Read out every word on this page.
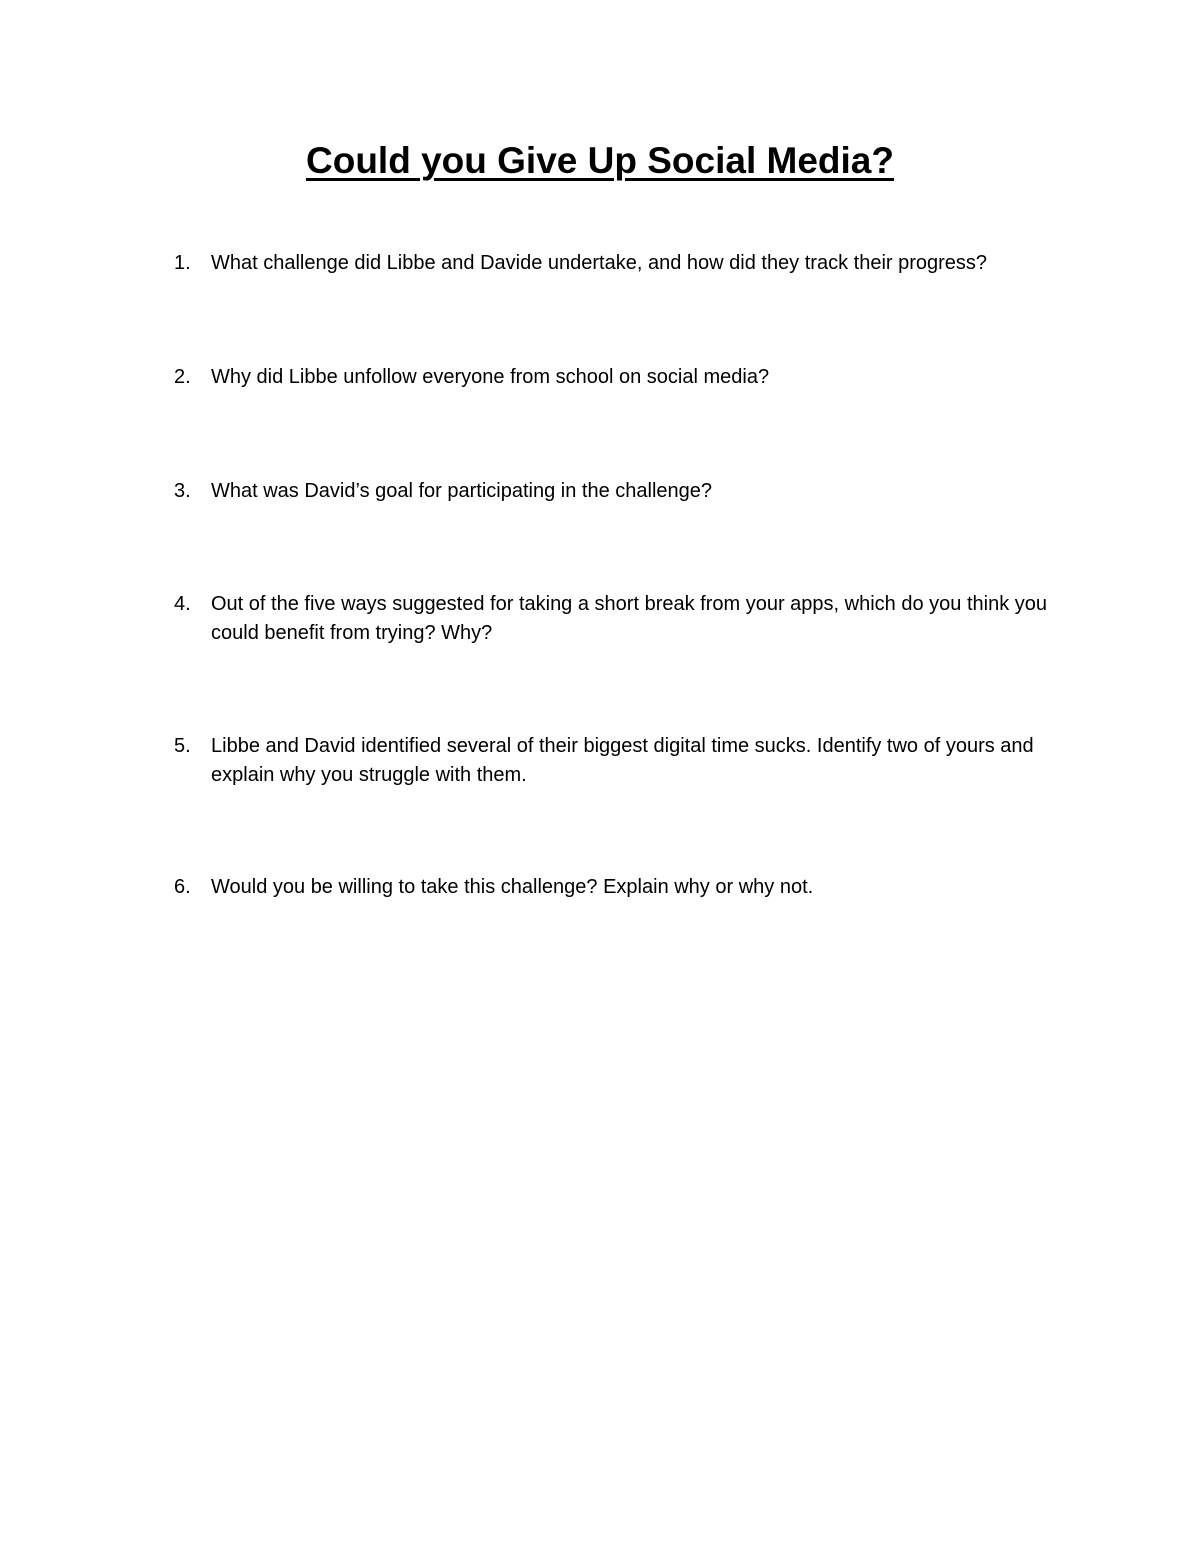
Could you Give Up Social Media?
1.	What challenge did Libbe and Davide undertake, and how did they track their progress?
2.	Why did Libbe unfollow everyone from school on social media?
3.	What was David’s goal for participating in the challenge?
4.	Out of the five ways suggested for taking a short break from your apps, which do you think you could benefit from trying? Why?
5.	Libbe and David identified several of their biggest digital time sucks. Identify two of yours and explain why you struggle with them.
6.	Would you be willing to take this challenge? Explain why or why not.
